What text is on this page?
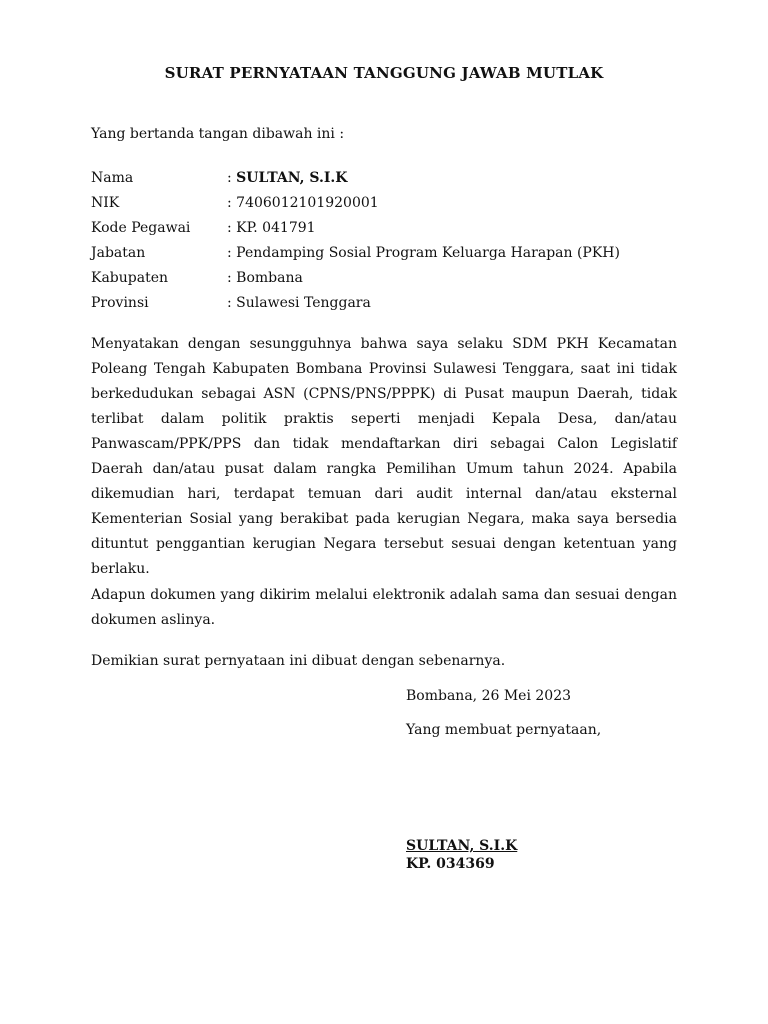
SURAT PERNYATAAN TANGGUNG JAWAB MUTLAK
Yang bertanda tangan dibawah ini :
Nama	: SULTAN, S.I.K
NIK	: 7406012101920001
Kode Pegawai	: KP. 041791
Jabatan	: Pendamping Sosial Program Keluarga Harapan (PKH)
Kabupaten	: Bombana
Provinsi	: Sulawesi Tenggara

Menyatakan dengan sesungguhnya bahwa saya selaku SDM PKH Kecamatan Poleang Tengah Kabupaten Bombana Provinsi Sulawesi Tenggara, saat ini tidak berkedudukan sebagai ASN (CPNS/PNS/PPPK) di Pusat maupun Daerah, tidak terlibat dalam politik praktis seperti menjadi Kepala Desa, dan/atau Panwascam/PPK/PPS dan tidak mendaftarkan diri sebagai Calon Legislatif Daerah dan/atau pusat dalam rangka Pemilihan Umum tahun 2024. Apabila dikemudian hari, terdapat temuan dari audit internal dan/atau eksternal Kementerian Sosial yang berakibat pada kerugian Negara, maka saya bersedia dituntut penggantian kerugian Negara tersebut sesuai dengan ketentuan yang berlaku.

Adapun dokumen yang dikirim melalui elektronik adalah sama dan sesuai dengan dokumen aslinya.

Demikian surat pernyataan ini dibuat dengan sebenarnya.

Bombana, 26 Mei 2023
Yang membuat pernyataan,
SULTAN, S.I.K
KP. 034369
